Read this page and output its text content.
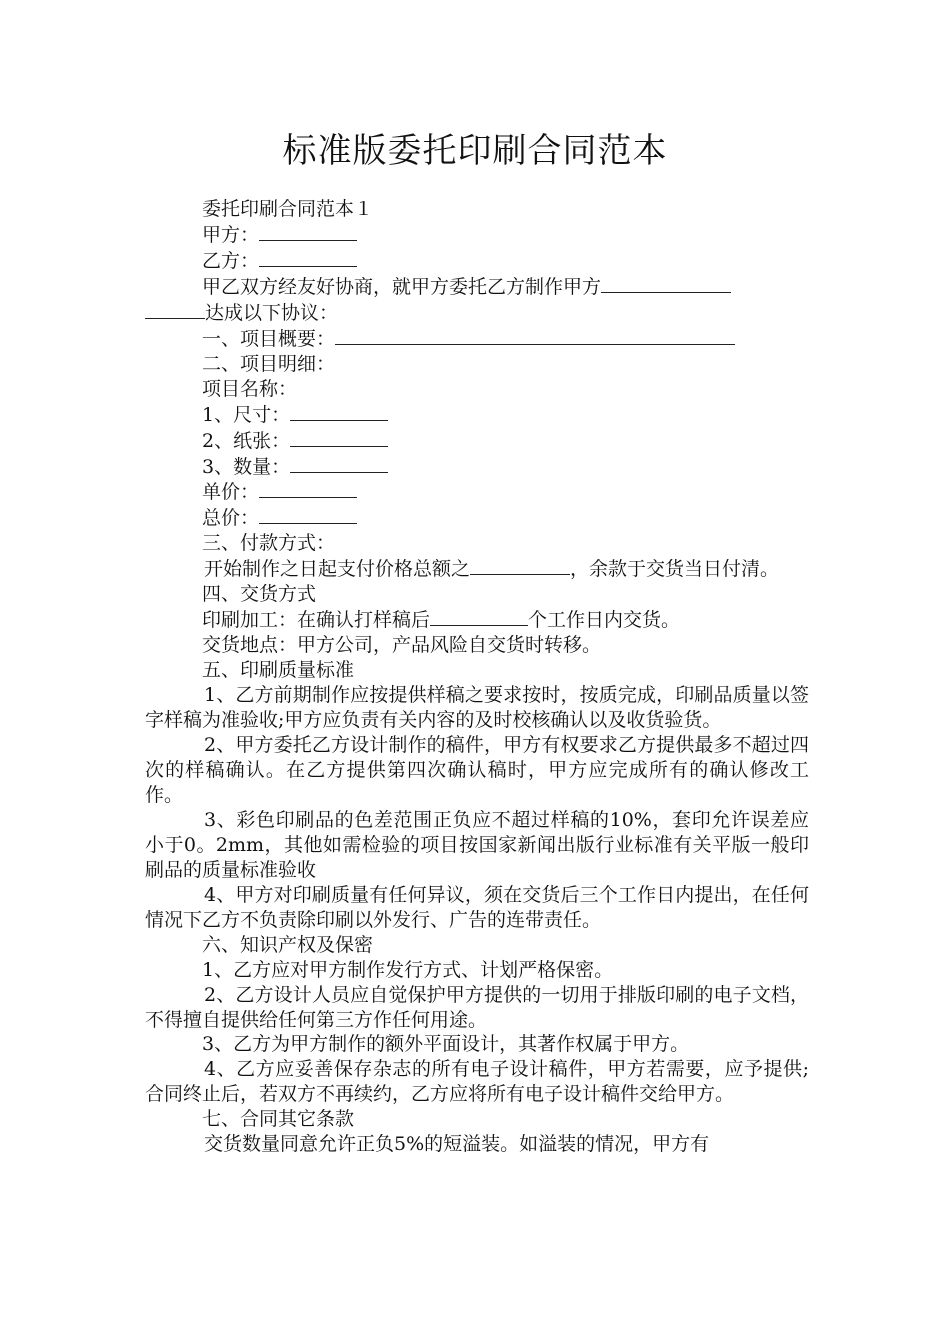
标准版委托印刷合同范本
委托印刷合同范本１
甲方：
乙方：
甲乙双方经友好协商，就甲方委托乙方制作甲方
达成以下协议：
一、项目概要：
二、项目明细：
项目名称：
1、尺寸：
2、纸张：
3、数量：
单价：
总价：
三、付款方式：
开始制作之日起支付价格总额之	，余款于交货当日付清。
四、交货方式
印刷加工：在确认打样稿后	个工作日内交货。
交货地点：甲方公司，产品风险自交货时转移。
五、印刷质量标准
1、乙方前期制作应按提供样稿之要求按时，按质完成，印刷品质量以签字样稿为准验收;甲方应负责有关内容的及时校核确认以及收货验货。
2、甲方委托乙方设计制作的稿件，甲方有权要求乙方提供最多不超过四次的样稿确认。在乙方提供第四次确认稿时，甲方应完成所有的确认修改工作。
3、彩色印刷品的色差范围正负应不超过样稿的10%，套印允许误差应小于0。2mm，其他如需检验的项目按国家新闻出版行业标准有关平版一般印刷品的质量标准验收
4、甲方对印刷质量有任何异议，须在交货后三个工作日内提出，在任何情况下乙方不负责除印刷以外发行、广告的连带责任。
六、知识产权及保密
1、乙方应对甲方制作发行方式、计划严格保密。
2、乙方设计人员应自觉保护甲方提供的一切用于排版印刷的电子文档，不得擅自提供给任何第三方作任何用途。
3、乙方为甲方制作的额外平面设计，其著作权属于甲方。
4、乙方应妥善保存杂志的所有电子设计稿件，甲方若需要，应予提供;合同终止后，若双方不再续约，乙方应将所有电子设计稿件交给甲方。
七、合同其它条款
交货数量同意允许正负5%的短溢装。如溢装的情况，甲方有
